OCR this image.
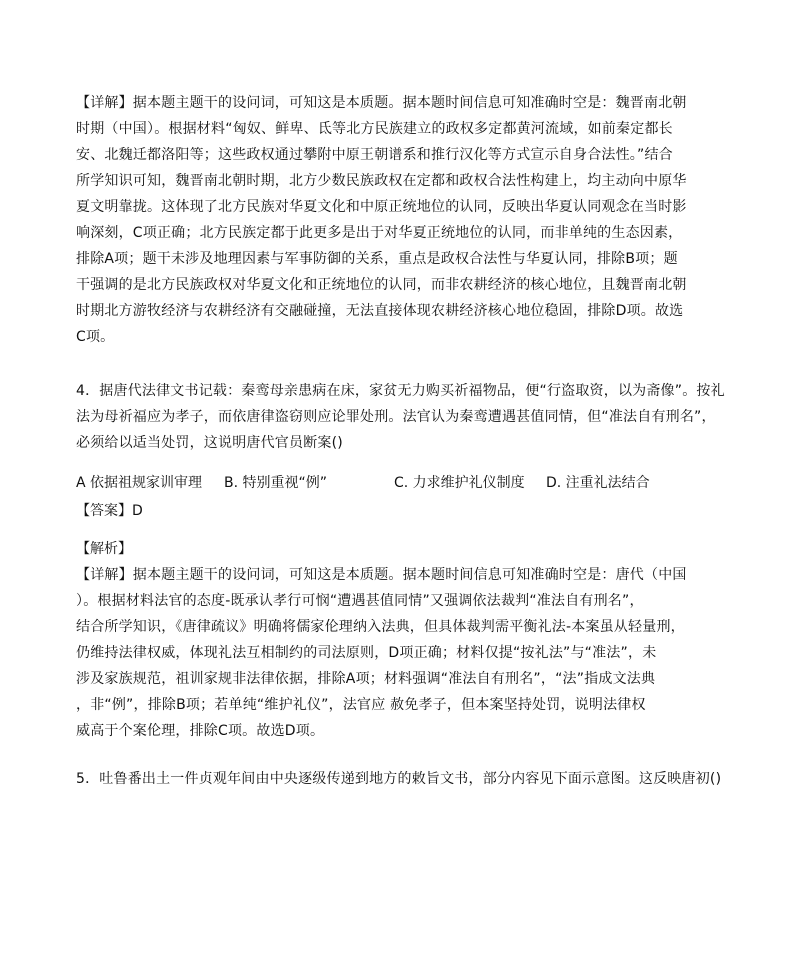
【详解】据本题主题干的设问词，可知这是本质题。据本题时间信息可知准确时空是：魏晋南北朝
时期（中国）。根据材料“匈奴、鲜卑、氐等北方民族建立的政权多定都黄河流域，如前秦定都长
安、北魏迁都洛阳等；这些政权通过攀附中原王朝谱系和推行汉化等方式宣示自身合法性。”结合
所学知识可知，魏晋南北朝时期，北方少数民族政权在定都和政权合法性构建上，均主动向中原华
夏文明靠拢。这体现了北方民族对华夏文化和中原正统地位的认同，反映出华夏认同观念在当时影
响深刻，C项正确；北方民族定都于此更多是出于对华夏正统地位的认同，而非单纯的生态因素，
排除A项；题干未涉及地理因素与军事防御的关系，重点是政权合法性与华夏认同，排除B项；题
干强调的是北方民族政权对华夏文化和正统地位的认同，而非农耕经济的核心地位，且魏晋南北朝
时期北方游牧经济与农耕经济有交融碰撞，无法直接体现农耕经济核心地位稳固，排除D项。故选
C项。
4．据唐代法律文书记载：秦鸾母亲患病在床，家贫无力购买祈福物品，便“行盗取资，以为斋像”。按礼
法为母祈福应为孝子，而依唐律盗窃则应论罪处刑。法官认为秦鸾遭遇甚值同情，但“准法自有刑名”，
必须给以适当处罚，这说明唐代官员断案()
A 依据祖规家训审理 B. 特别重视“例”	C. 力求维护礼仪制度 D. 注重礼法结合
【答案】D
【解析】
【详解】据本题主题干的设问词，可知这是本质题。据本题时间信息可知准确时空是：唐代（中国
）。根据材料法官的态度-既承认孝行可悯“遭遇甚值同情”又强调依法裁判“准法自有刑名”，
结合所学知识，《唐律疏议》明确将儒家伦理纳入法典，但具体裁判需平衡礼法-本案虽从轻量刑，
仍维持法律权威，体现礼法互相制约的司法原则，D项正确；材料仅提“按礼法”与“准法”，未
涉及家族规范，祖训家规非法律依据，排除A项；材料强调“准法自有刑名”，“法”指成文法典
，非“例”，排除B项；若单纯“维护礼仪”，法官应 赦免孝子，但本案坚持处罚，说明法律权
威高于个案伦理，排除C项。故选D项。
5．吐鲁番出土一件贞观年间由中央逐级传递到地方的敕旨文书，部分内容见下面示意图。这反映唐初()
